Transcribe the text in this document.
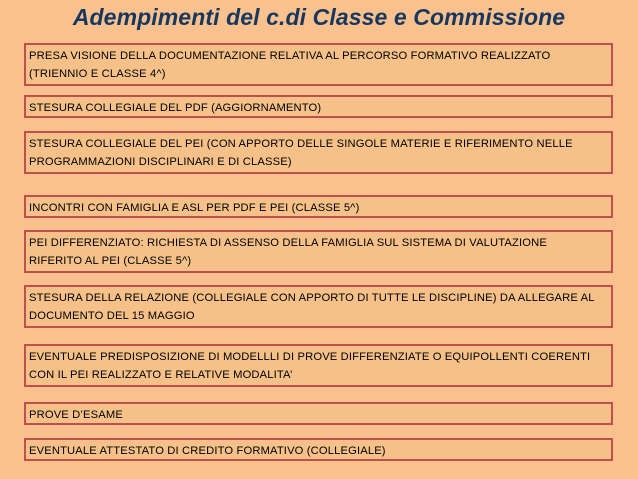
Adempimenti del c.di Classe e Commissione
PRESA VISIONE DELLA DOCUMENTAZIONE RELATIVA AL PERCORSO FORMATIVO REALIZZATO
(TRIENNIO E CLASSE 4^)
STESURA COLLEGIALE DEL PDF (AGGIORNAMENTO)
STESURA COLLEGIALE DEL PEI (CON APPORTO DELLE SINGOLE MATERIE E RIFERIMENTO NELLE
PROGRAMMAZIONI DISCIPLINARI E DI CLASSE)
INCONTRI CON FAMIGLIA E ASL PER PDF E PEI (CLASSE 5^)
PEI DIFFERENZIATO: RICHIESTA DI ASSENSO DELLA FAMIGLIA SUL SISTEMA DI VALUTAZIONE
RIFERITO AL PEI (CLASSE 5^)
STESURA DELLA RELAZIONE (COLLEGIALE CON APPORTO DI TUTTE LE DISCIPLINE) DA ALLEGARE AL
DOCUMENTO DEL 15 MAGGIO
EVENTUALE PREDISPOSIZIONE DI MODELLLI DI PROVE DIFFERENZIATE O EQUIPOLLENTI COERENTI
CON IL PEI REALIZZATO E RELATIVE MODALITA’
PROVE D’ESAME
EVENTUALE ATTESTATO DI CREDITO FORMATIVO (COLLEGIALE)
